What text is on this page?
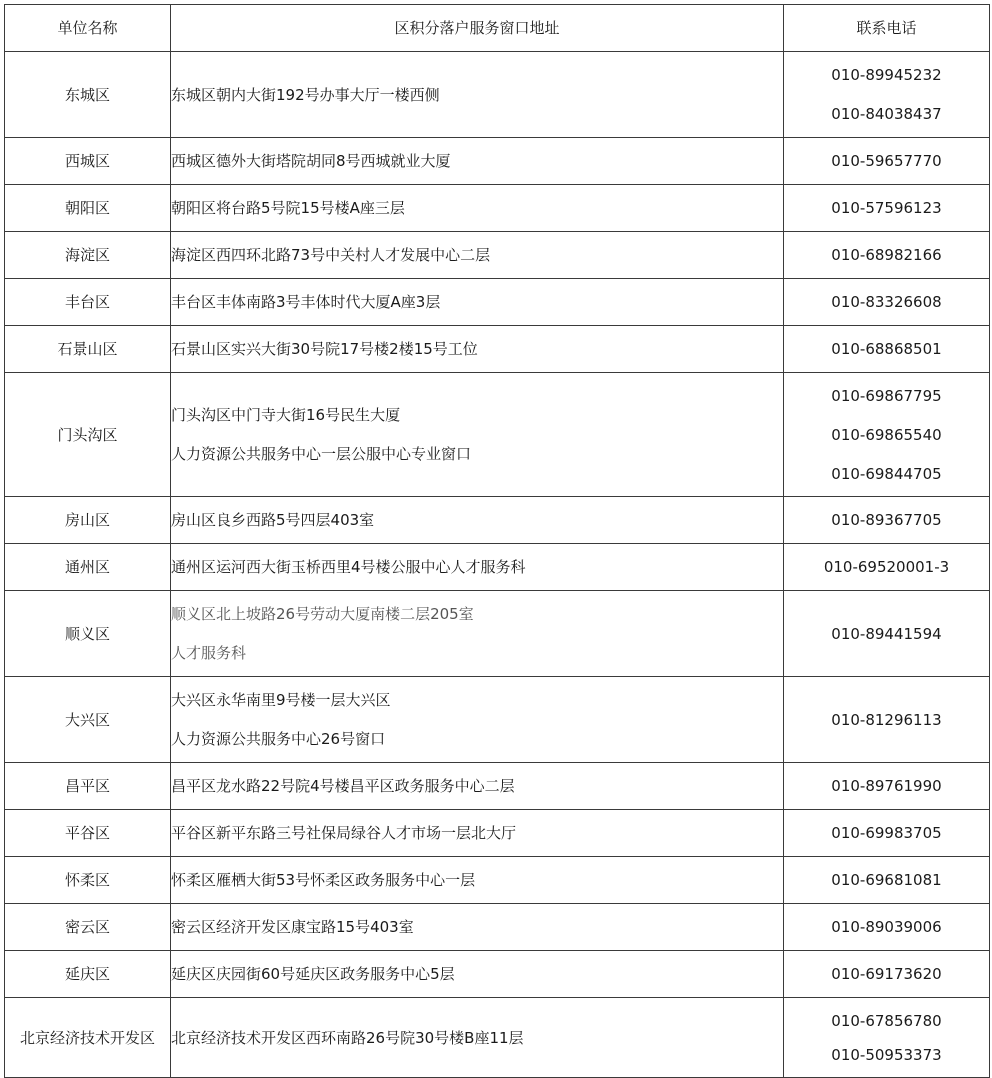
单位名称	区积分落户服务窗口地址	联系电话
东城区	东城区朝内大街192号办事大厅一楼西侧	010-89945232
010-84038437

西城区	西城区德外大街塔院胡同8号西城就业大厦	010-59657770

朝阳区	朝阳区将台路5号院15号楼A座三层	010-57596123

海淀区	海淀区西四环北路73号中关村人才发展中心二层	010-68982166

丰台区	丰台区丰体南路3号丰体时代大厦A座3层	010-83326608

石景山区	石景山区实兴大街30号院17号楼2楼15号工位	010-68868501

门头沟区	门头沟区中门寺大街16号民生大厦
人力资源公共服务中心一层公服中心专业窗口	010-69867795
010-69865540
010-69844705

房山区	房山区良乡西路5号四层403室	010-89367705

通州区	通州区运河西大街玉桥西里4号楼公服中心人才服务科	010-69520001-3

顺义区	顺义区北上坡路26号劳动大厦南楼二层205室
人才服务科	010-89441594

大兴区	大兴区永华南里9号楼一层大兴区
人力资源公共服务中心26号窗口	010-81296113

昌平区	昌平区龙水路22号院4号楼昌平区政务服务中心二层	010-89761990

平谷区	平谷区新平东路三号社保局绿谷人才市场一层北大厅	010-69983705

怀柔区	怀柔区雁栖大街53号怀柔区政务服务中心一层	010-69681081

密云区	密云区经济开发区康宝路15号403室	010-89039006

延庆区	延庆区庆园街60号延庆区政务服务中心5层	010-69173620

北京经济技术开发区	北京经济技术开发区西环南路26号院30号楼B座11层	010-67856780
010-50953373
